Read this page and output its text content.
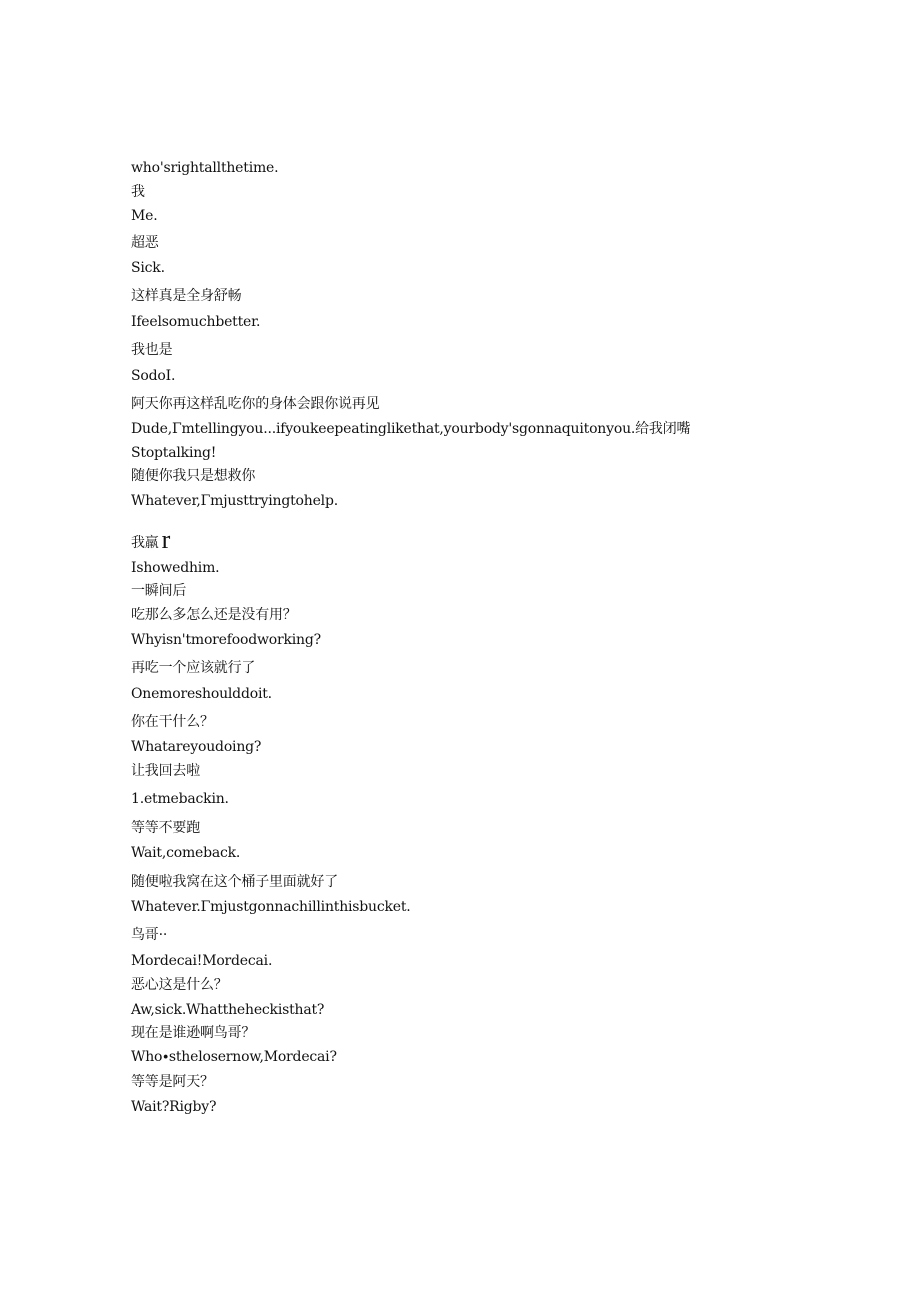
who'srightallthetime.
我
Me.
超恶
Sick.
这样真是全身舒畅
Ifeelsomuchbetter.
我也是
SodoI.
阿天你再这样乱吃你的身体会跟你说再见
Dude,Γmtellingyou...ifyoukeepeatinglikethat,yourbody'sgonnaquitonyou.给我闭嘴
Stoptalking!
随便你我只是想救你
Whatever,Γmjusttryingtohelp.
我羸 r
Ishowedhim.
一瞬间后
吃那么多怎么还是没有用？
Whyisn'tmorefoodworking?
再吃一个应该就行了
Onemoreshoulddoit.
你在干什么？
Whatareyoudoing?
让我回去啦
1.etmebackin.
等等不要跑
Wait,comeback.
随便啦我窝在这个桶子里面就好了
Whatever.Γmjustgonnachillinthisbucket.
鸟哥··
Mordecai!Mordecai.
恶心这是什么？
Aw,sick.Whattheheckisthat?
现在是谁逊啊鸟哥？
Who∙sthelosernow,Mordecai?
等等是阿天？
Wait?Rigby?
